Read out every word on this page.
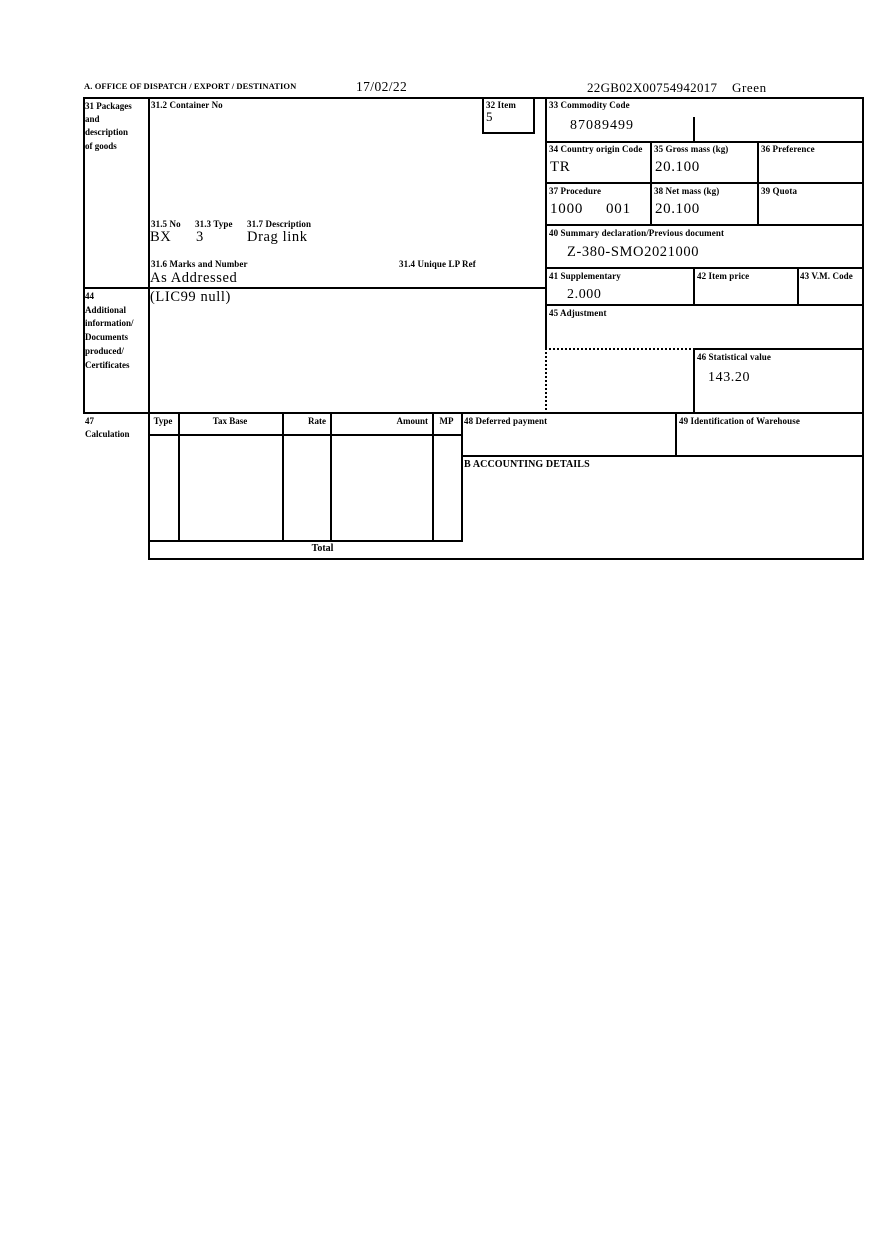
A. OFFICE OF DISPATCH / EXPORT / DESTINATION	17/02/22	22GB02X00754942017 Green
31 Packages
and
description
of goods
31.2 Container No	32 Item
5
31.5 No 31.3 Type 31.7 Description
BX 3	Drag link
31.6 Marks and Number	31.4 Unique LP Ref
As Addressed
33 Commodity Code
87089499
34 Country origin Code
TR
35 Gross mass (kg)
20.100
36 Preference
37 Procedure
1000 001
38 Net mass (kg)
20.100
39 Quota
40 Summary declaration/Previous document
Z-380-SMO2021000
41 Supplementary
2.000
42 Item price	43 V.M. Code
44
Additional
information/
Documents
produced/
Certificates
(LIC99 null)
45 Adjustment
46 Statistical value
143.20
47
Calculation
Type	Tax Base	Rate	Amount	MP
Total
48 Deferred payment	49 Identification of Warehouse
B ACCOUNTING DETAILS
